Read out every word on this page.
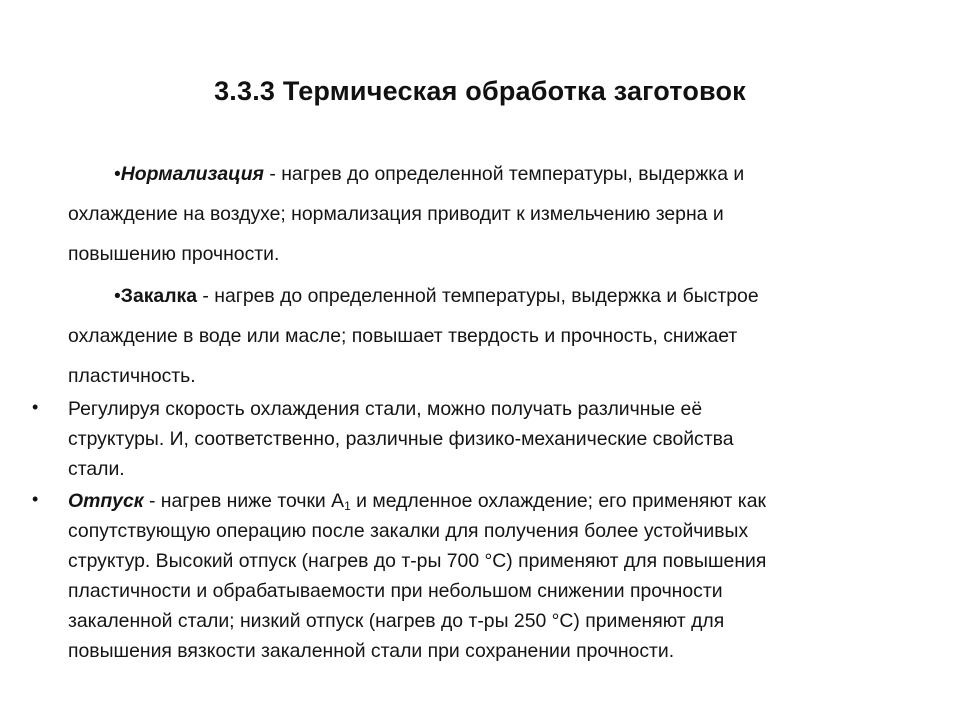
3.3.3 Термическая обработка заготовок
•Нормализация - нагрев до определенной температуры, выдержка и
охлаждение на воздухе; нормализация приводит к измельчению зерна и
повышению прочности.
•Закалка - нагрев до определенной температуры, выдержка и быстрое
охлаждение в воде или масле; повышает твердость и прочность, снижает
пластичность.
• Регулируя скорость охлаждения стали, можно получать различные её
структуры. И, соответственно, различные физико-механические свойства
стали.
• Отпуск - нагрев ниже точки $А_1$ и медленное охлаждение; его применяют как
сопутствующую операцию после закалки для получения более устойчивых
структур. Высокий отпуск (нагрев до т-ры 700 °С) применяют для повышения
пластичности и обрабатываемости при небольшом снижении прочности
закаленной стали; низкий отпуск (нагрев до т-ры 250 °С) применяют для
повышения вязкости закаленной стали при сохранении прочности.
